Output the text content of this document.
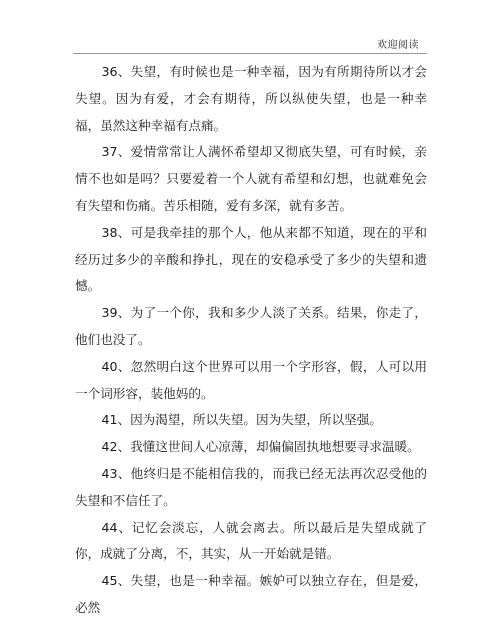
欢迎阅读

36、失望，有时候也是一种幸福，因为有所期待所以才会失望。因为有爱，才会有期待，所以纵使失望，也是一种幸福，虽然这种幸福有点痛。

37、爱情常常让人满怀希望却又彻底失望，可有时候，亲情不也如是吗？只要爱着一个人就有希望和幻想，也就难免会有失望和伤痛。苦乐相随，爱有多深，就有多苦。

38、可是我牵挂的那个人，他从来都不知道，现在的平和经历过多少的辛酸和挣扎，现在的安稳承受了多少的失望和遗憾。

39、为了一个你，我和多少人淡了关系。结果，你走了，他们也没了。

40、忽然明白这个世界可以用一个字形容，假，人可以用一个词形容，装他妈的。

41、因为渴望，所以失望。因为失望，所以坚强。

42、我懂这世间人心凉薄，却偏偏固执地想要寻求温暖。

43、他终归是不能相信我的，而我已经无法再次忍受他的失望和不信任了。

44、记忆会淡忘，人就会离去。所以最后是失望成就了你，成就了分离，不，其实，从一开始就是错。

45、失望，也是一种幸福。嫉妒可以独立存在，但是爱，必然
